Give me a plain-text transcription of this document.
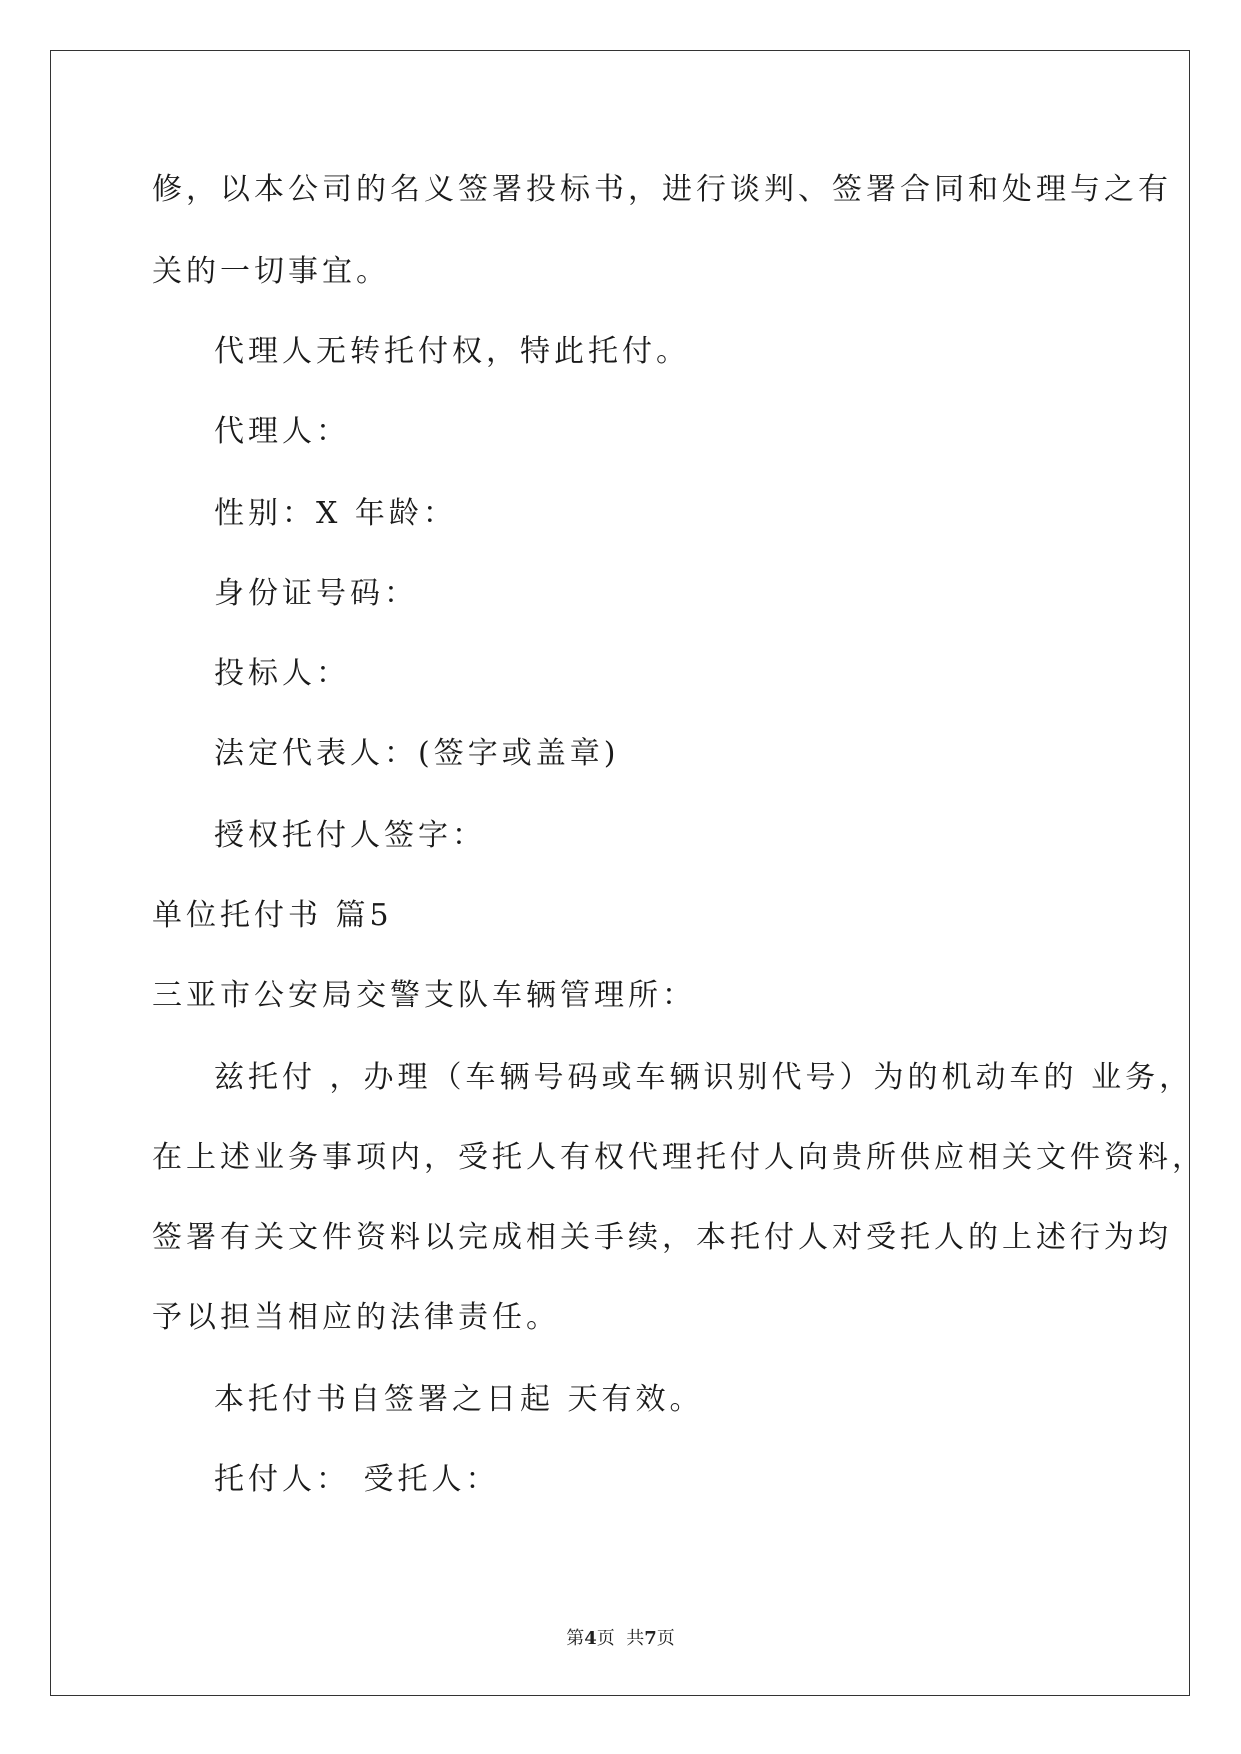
修，以本公司的名义签署投标书，进行谈判、签署合同和处理与之有
关的一切事宜。
代理人无转托付权，特此托付。
代理人：
性别：X 年龄：
身份证号码：
投标人：
法定代表人：(签字或盖章)
授权托付人签字：
单位托付书 篇5
三亚市公安局交警支队车辆管理所：
兹托付 ，办理（车辆号码或车辆识别代号）为的机动车的 业务，
在上述业务事项内，受托人有权代理托付人向贵所供应相关文件资料，
签署有关文件资料以完成相关手续，本托付人对受托人的上述行为均
予以担当相应的法律责任。
本托付书自签署之日起 天有效。
托付人： 受托人：
第4页  共7页
